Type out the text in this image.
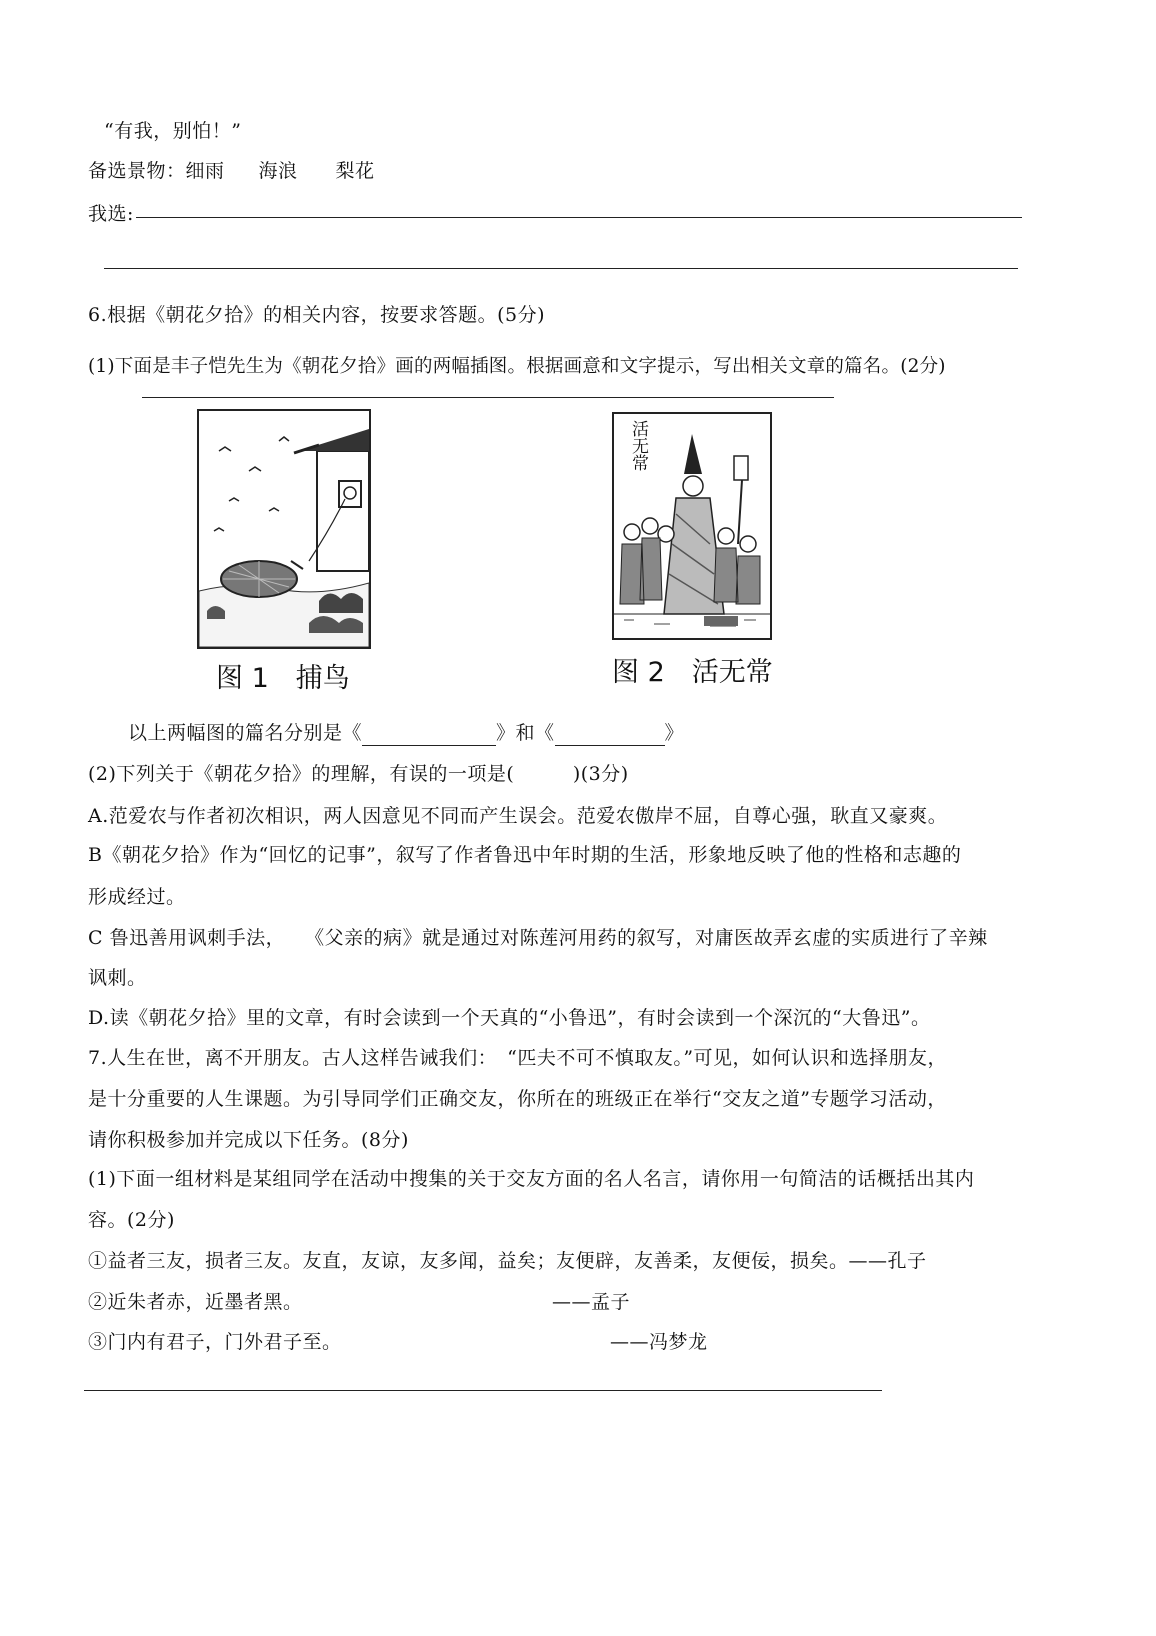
“有我，别怕！”
备选景物：细雨 海浪 梨花
我选:
6.根据《朝花夕拾》的相关内容，按要求答题。(5分)
(1)下面是丰子恺先生为《朝花夕拾》画的两幅插图。根据画意和文字提示，写出相关文章的篇名。(2分)
图 1　捕鸟
活无常
图 2　活无常
以上两幅图的篇名分别是《	》和《	》
(2)下列关于《朝花夕拾》的理解，有误的一项是(　　　)(3分)
A.范爱农与作者初次相识，两人因意见不同而产生误会。范爱农傲岸不屈，自尊心强，耿直又豪爽。
B《朝花夕拾》作为“回忆的记事”，叙写了作者鲁迅中年时期的生活，形象地反映了他的性格和志趣的
形成经过。
C 鲁迅善用讽刺手法，　　《父亲的病》就是通过对陈莲河用药的叙写，对庸医故弄玄虚的实质进行了辛辣
讽刺。
D.读《朝花夕拾》里的文章，有时会读到一个天真的“小鲁迅”，有时会读到一个深沉的“大鲁迅”。
7.人生在世，离不开朋友。古人这样告诫我们：　“匹夫不可不慎取友。”可见，如何认识和选择朋友，
是十分重要的人生课题。为引导同学们正确交友，你所在的班级正在举行“交友之道”专题学习活动，
请你积极参加并完成以下任务。(8分)
(1)下面一组材料是某组同学在活动中搜集的关于交友方面的名人名言，请你用一句简洁的话概括出其内
容。(2分)
①益者三友，损者三友。友直，友谅，友多闻，益矣；友便辟，友善柔，友便佞，损矣。——孔子
②近朱者赤，近墨者黑。	——孟子
③门内有君子，门外君子至。	——冯梦龙
